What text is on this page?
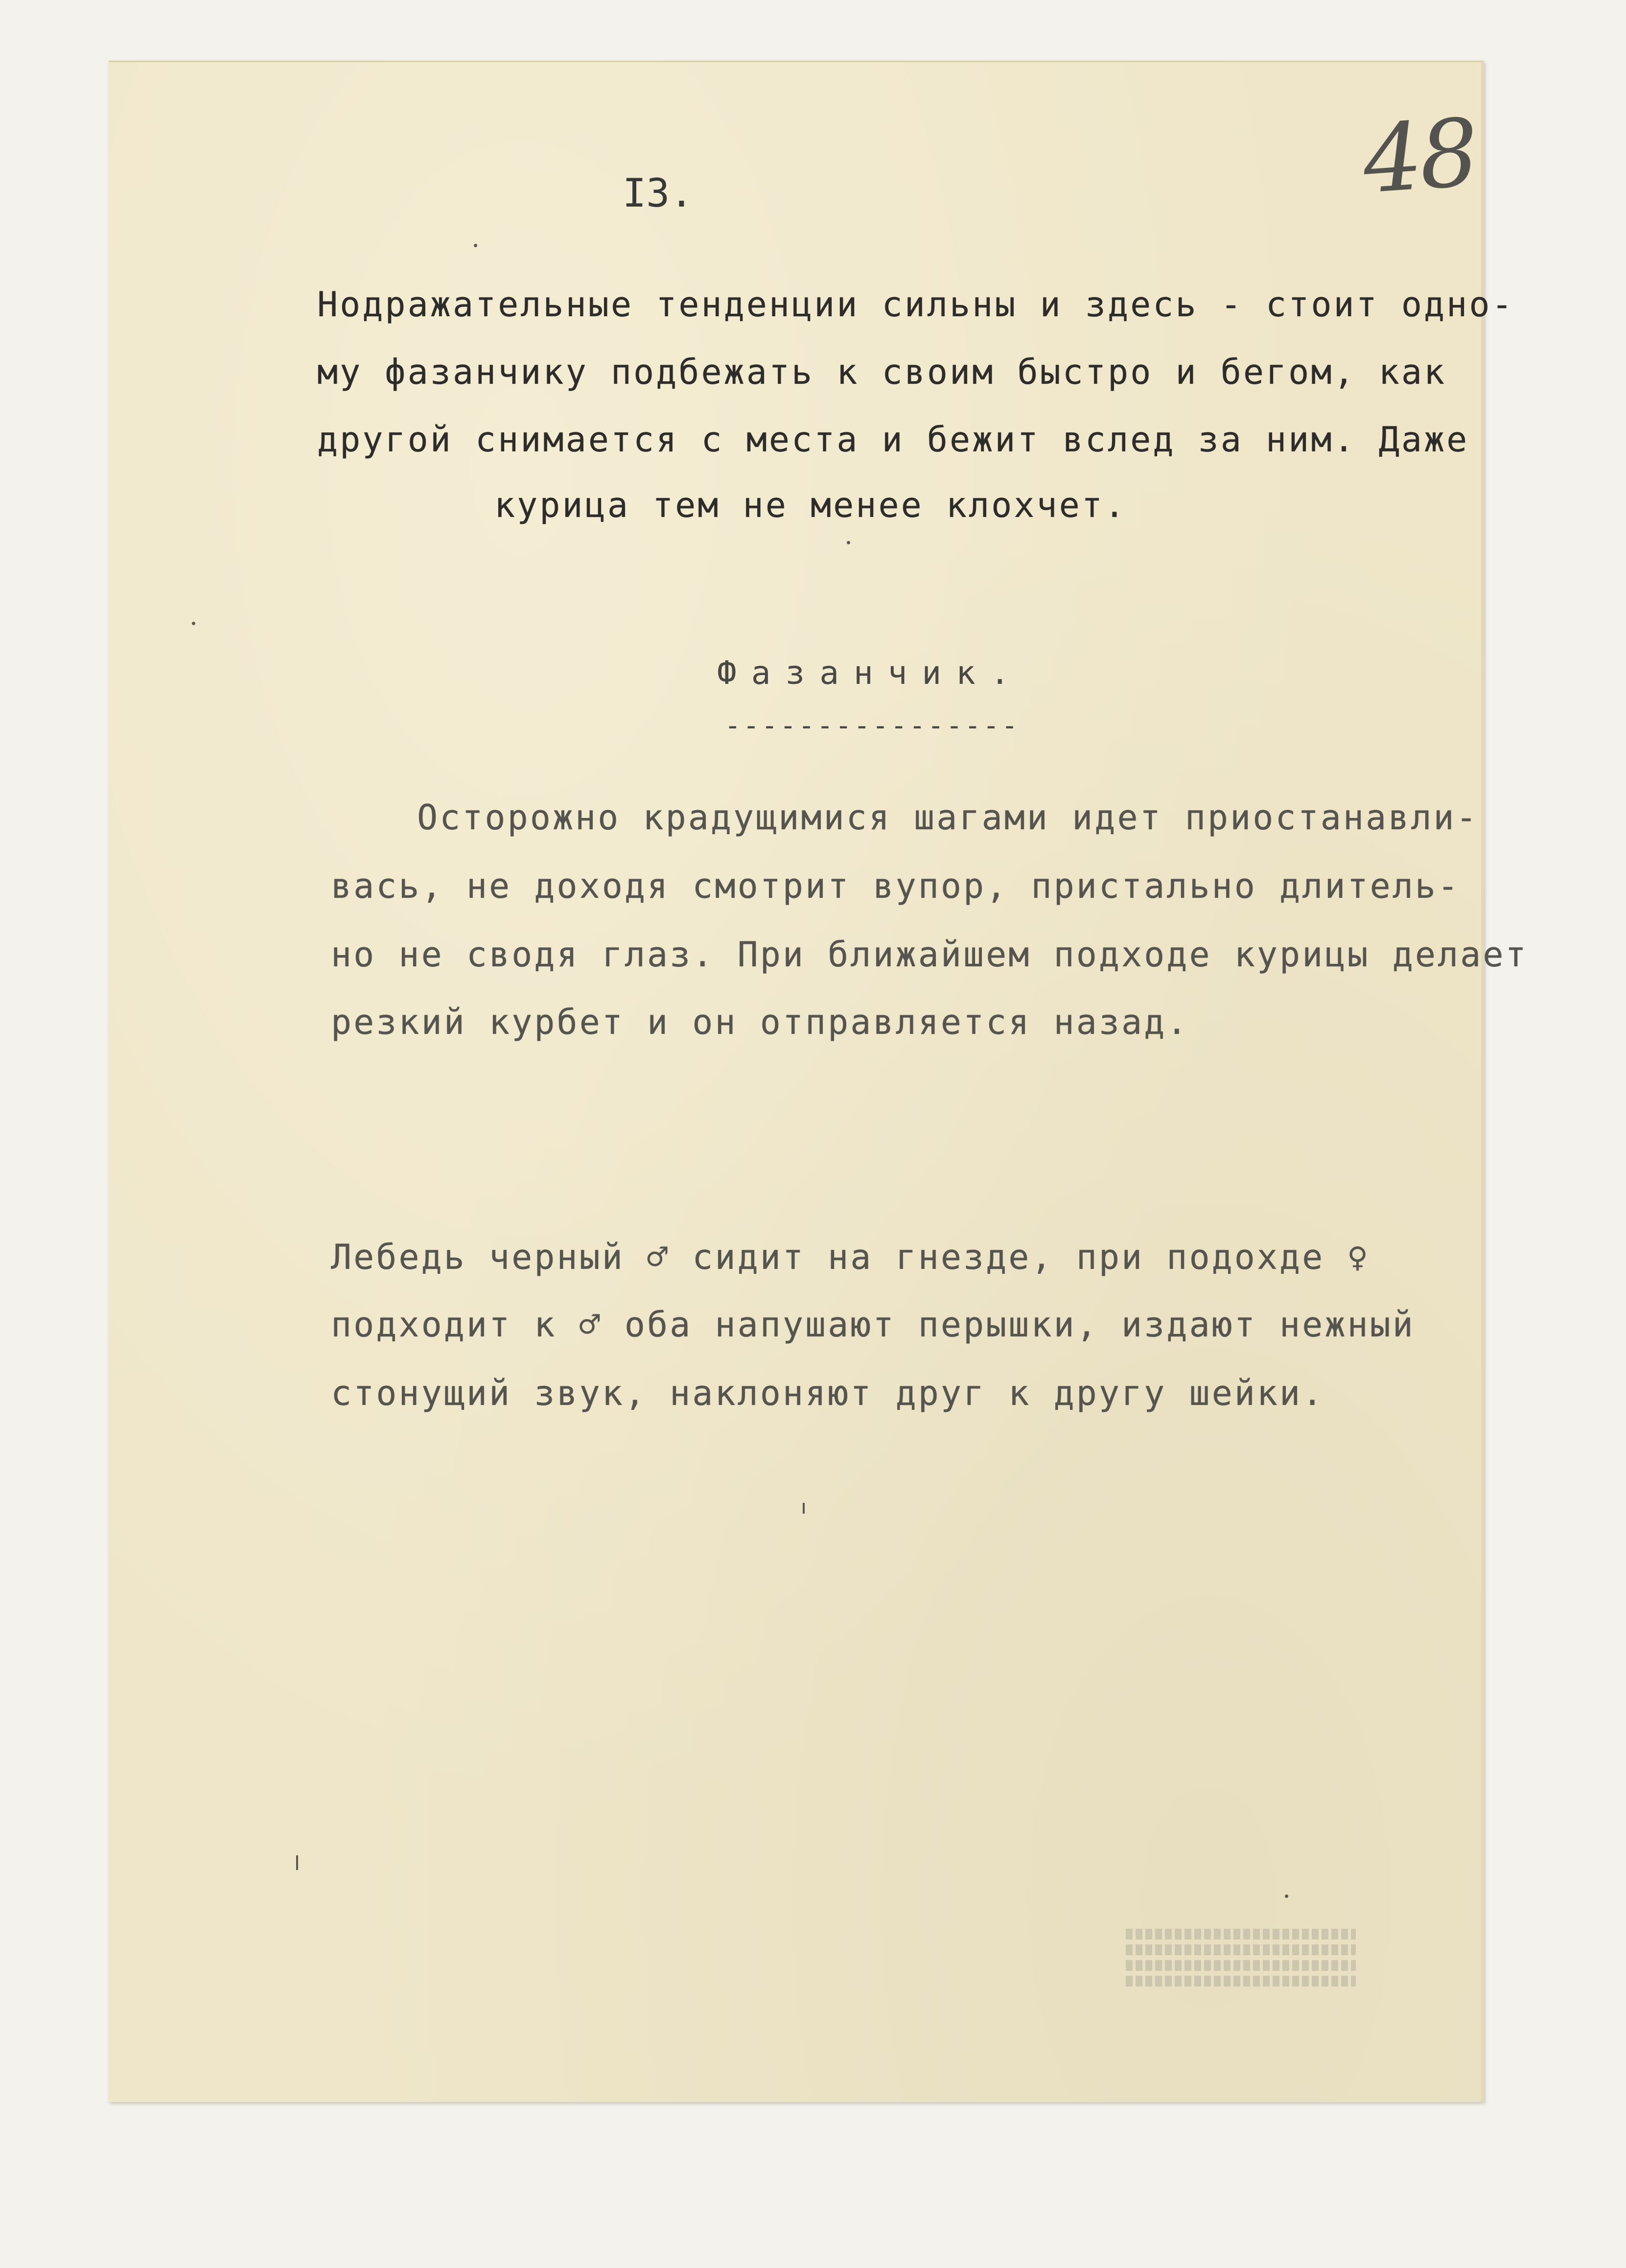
48
I3.
Нодражательные тенденции сильны и здесь - стоит одно-
му фазанчику подбежать к своим быстро и бегом, как
другой снимается с места и бежит вслед за ним. Даже
курица тем не менее клохчет.
Фазанчик.
----------------
Осторожно крадущимися шагами идет приостанавли-
вась, не доходя смотрит вупор, пристально длитель-
но не сводя глаз. При ближайшем подходе курицы делает
резкий курбет и он отправляется назад.
Лебедь черный ♂ сидит на гнезде, при подохде ♀
подходит к ♂ оба напушают перышки, издают нежный
стонущий звук, наклоняют друг к другу шейки.
